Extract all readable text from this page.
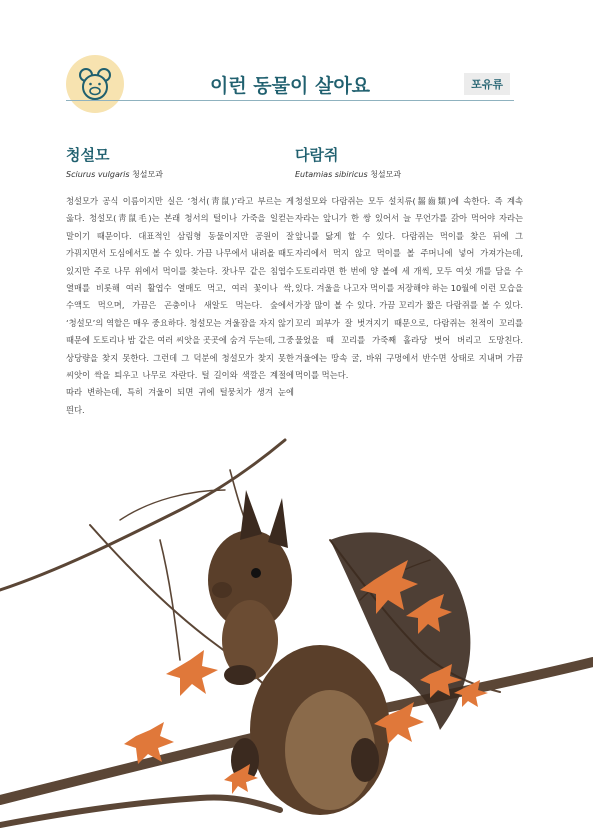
이런 동물이 살아요	포유류
청설모
Sciurus vulgaris 청설모과
청설모가 공식 이름이지만 실은 ‘청서(靑鼠)’라고 부르는 게 옳다. 청설모(靑鼠毛)는 본래 청서의 털이나 가죽을 일컫는 말이기 때문이다. 대표적인 삼림형 동물이지만 공원이 잘 가꿔지면서 도심에서도 볼 수 있다. 가끔 나무에서 내려올 때도 있지만 주로 나무 위에서 먹이를 찾는다. 잣나무 같은 침엽수 열매를 비롯해 여러 활엽수 열매도 먹고, 여러 꽃이나 싹, 수액도 먹으며, 가끔은 곤충이나 새알도 먹는다. 숲에서 ‘청설모’의 역할은 매우 중요하다. 청설모는 겨울잠을 자지 않기 때문에 도토리나 밤 같은 여러 씨앗을 곳곳에 숨겨 두는데, 그중 상당량을 찾지 못한다. 그런데 그 덕분에 청설모가 찾지 못한 씨앗이 싹을 틔우고 나무로 자란다. 털 길이와 색깔은 계절에 따라 변하는데, 특히 겨울이 되면 귀에 털뭉치가 생겨 눈에 띈다.
다람쥐
Eutamias sibiricus 청설모과
청설모와 다람쥐는 모두 설치류(齧齒類)에 속한다. 즉 계속 자라는 앞니가 한 쌍 있어서 늘 무언가를 갉아 먹어야 자라는 앞니를 닳게 할 수 있다. 다람쥐는 먹이를 찾은 뒤에 그 자리에서 먹지 않고 먹이를 볼 주머니에 넣어 가져가는데, 도토리라면 한 번에 양 볼에 세 개씩, 모두 여섯 개를 담을 수 있다. 겨울을 나고자 먹이를 저장해야 하는 10월에 이런 모습을 가장 많이 볼 수 있다. 가끔 꼬리가 짧은 다람쥐를 볼 수 있다. 꼬리 피부가 잘 벗겨지기 때문으로, 다람쥐는 천적이 꼬리를 물었을 때 꼬리를 가죽째 홀라당 벗어 버리고 도망친다. 겨울에는 땅속 굴, 바위 구멍에서 반수면 상태로 지내며 가끔 먹이를 먹는다.
